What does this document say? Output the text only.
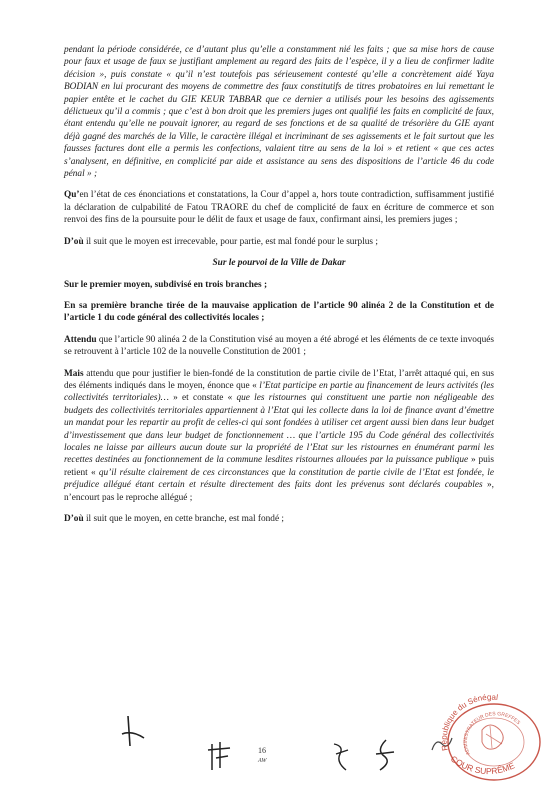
pendant la période considérée, ce d’autant plus qu’elle a constamment nié les faits ; que sa mise hors de cause pour faux et usage de faux se justifiant amplement au regard des faits de l’espèce, il y a lieu de confirmer ladite décision », puis constate « qu’il n’est toutefois pas sérieusement contesté qu’elle a concrètement aidé Yaya BODIAN en lui procurant des moyens de commettre des faux constitutifs de titres probatoires en lui remettant le papier entête et le cachet du GIE KEUR TABBAR que ce dernier a utilisés pour les besoins des agissements délictueux qu’il a commis ; que c’est à bon droit que les premiers juges ont qualifié les faits en complicité de faux, étant entendu qu’elle ne pouvait ignorer, au regard de ses fonctions et de sa qualité de trésorière du GIE ayant déjà gagné des marchés de la Ville, le caractère illégal et incriminant de ses agissements et le fait surtout que les fausses factures dont elle a permis les confections, valaient titre au sens de la loi » et retient « que ces actes s’analysent, en définitive, en complicité par aide et assistance au sens des dispositions de l’article 46 du code pénal » ;

Qu’en l’état de ces énonciations et constatations, la Cour d’appel a, hors toute contradiction, suffisamment justifié la déclaration de culpabilité de Fatou TRAORE du chef de complicité de faux en écriture de commerce et son renvoi des fins de la poursuite pour le délit de faux et usage de faux, confirmant ainsi, les premiers juges ;

D’où il suit que le moyen est irrecevable, pour partie, est mal fondé pour le surplus ;

Sur le pourvoi de la Ville de Dakar

Sur le premier moyen, subdivisé en trois branches ;

En sa première branche tirée de la mauvaise application de l’article 90 alinéa 2 de la Constitution et de l’article 1 du code général des collectivités locales ;

Attendu que l’article 90 alinéa 2 de la Constitution visé au moyen a été abrogé et les éléments de ce texte invoqués se retrouvent à l’article 102 de la nouvelle Constitution de 2001 ;

Mais attendu que pour justifier le bien-fondé de la constitution de partie civile de l’Etat, l’arrêt attaqué qui, en sus des éléments indiqués dans le moyen, énonce que « l’Etat participe en partie au financement de leurs activités (les collectivités territoriales)… » et constate « que les ristournes qui constituent une partie non négligeable des budgets des collectivités territoriales appartiennent à l’Etat qui les collecte dans la loi de finance avant d’émettre un mandat pour les repartir au profit de celles-ci qui sont fondées à utiliser cet argent aussi bien dans leur budget d’investissement que dans leur budget de fonctionnement … que l’article 195 du Code général des collectivités locales ne laisse par ailleurs aucun doute sur la propriété de l’Etat sur les ristournes en énumérant parmi les recettes destinées au fonctionnement de la commune lesdites ristournes allouées par la puissance publique » puis retient « qu’il résulte clairement de ces circonstances que la constitution de partie civile de l’Etat est fondée, le préjudice allégué étant certain et résulte directement des faits dont les prévenus sont déclarés coupables », n’encourt pas le reproche allégué ;

D’où il suit que le moyen, en cette branche, est mal fondé ;

16
AW
République du Sénégal
ADMINISTRATEUR DES GREFFES
COUR SUPRÊME
